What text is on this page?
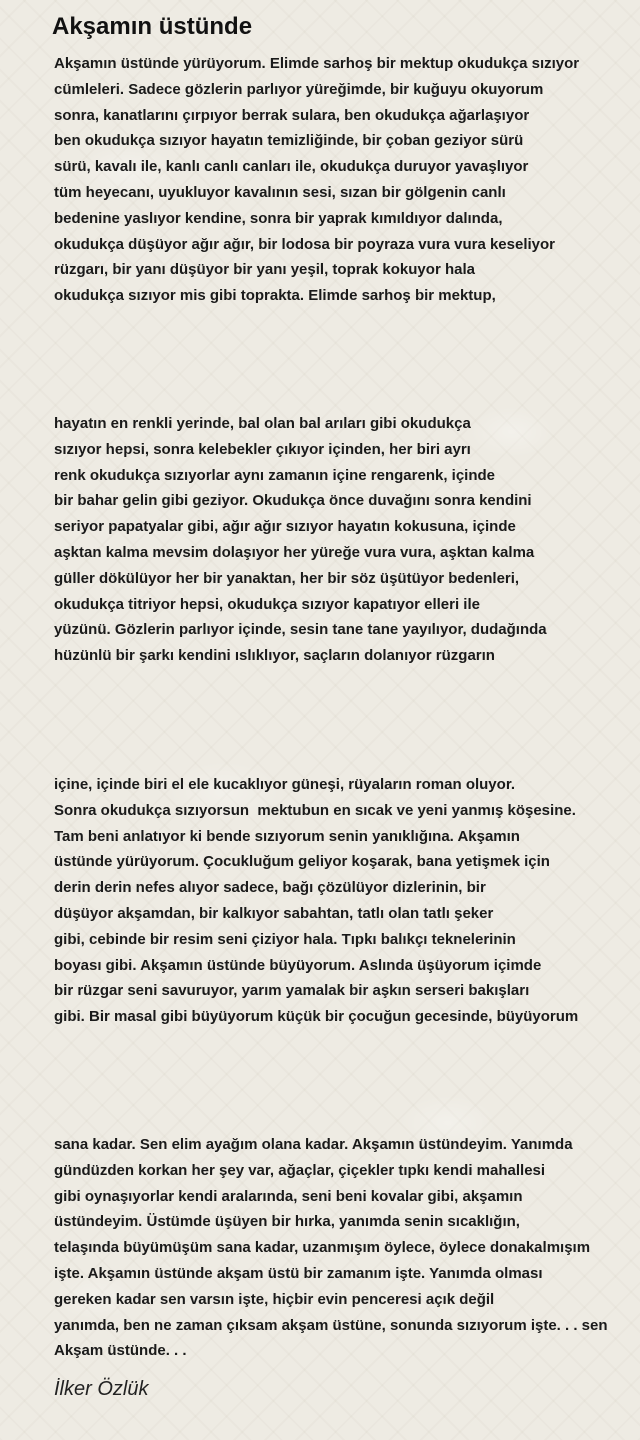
Akşamın üstünde
Akşamın üstünde yürüyorum. Elimde sarhoş bir mektup okudukça sızıyor
cümleleri. Sadece gözlerin parlıyor yüreğimde, bir kuğuyu okuyorum
sonra, kanatlarını çırpıyor berrak sulara, ben okudukça ağarlaşıyor
ben okudukça sızıyor hayatın temizliğinde, bir çoban geziyor sürü
sürü, kavalı ile, kanlı canlı canları ile, okudukça duruyor yavaşlıyor
tüm heyecanı, uyukluyor kavalının sesi, sızan bir gölgenin canlı
bedenine yaslıyor kendine, sonra bir yaprak kımıldıyor dalında,
okudukça düşüyor ağır ağır, bir lodosa bir poyraza vura vura keseliyor
rüzgarı, bir yanı düşüyor bir yanı yeşil, toprak kokuyor hala
okudukça sızıyor mis gibi toprakta. Elimde sarhoş bir mektup,
hayatın en renkli yerinde, bal olan bal arıları gibi okudukça
sızıyor hepsi, sonra kelebekler çıkıyor içinden, her biri ayrı
renk okudukça sızıyorlar aynı zamanın içine rengarenk, içinde
bir bahar gelin gibi geziyor. Okudukça önce duvağını sonra kendini
seriyor papatyalar gibi, ağır ağır sızıyor hayatın kokusuna, içinde
aşktan kalma mevsim dolaşıyor her yüreğe vura vura, aşktan kalma
güller dökülüyor her bir yanaktan, her bir söz üşütüyor bedenleri,
okudukça titriyor hepsi, okudukça sızıyor kapatıyor elleri ile
yüzünü. Gözlerin parlıyor içinde, sesin tane tane yayılıyor, dudağında
hüzünlü bir şarkı kendini ıslıklıyor, saçların dolanıyor rüzgarın
içine, içinde biri el ele kucaklıyor güneşi, rüyaların roman oluyor.
Sonra okudukça sızıyorsun  mektubun en sıcak ve yeni yanmış köşesine.
Tam beni anlatıyor ki bende sızıyorum senin yanıklığına. Akşamın
üstünde yürüyorum. Çocukluğum geliyor koşarak, bana yetişmek için
derin derin nefes alıyor sadece, bağı çözülüyor dizlerinin, bir
düşüyor akşamdan, bir kalkıyor sabahtan, tatlı olan tatlı şeker
gibi, cebinde bir resim seni çiziyor hala. Tıpkı balıkçı teknelerinin
boyası gibi. Akşamın üstünde büyüyorum. Aslında üşüyorum içimde
bir rüzgar seni savuruyor, yarım yamalak bir aşkın serseri bakışları
gibi. Bir masal gibi büyüyorum küçük bir çocuğun gecesinde, büyüyorum
sana kadar. Sen elim ayağım olana kadar. Akşamın üstündeyim. Yanımda
gündüzden korkan her şey var, ağaçlar, çiçekler tıpkı kendi mahallesi
gibi oynaşıyorlar kendi aralarında, seni beni kovalar gibi, akşamın
üstündeyim. Üstümde üşüyen bir hırka, yanımda senin sıcaklığın,
telaşında büyümüşüm sana kadar, uzanmışım öylece, öylece donakalmışım
işte. Akşamın üstünde akşam üstü bir zamanım işte. Yanımda olması
gereken kadar sen varsın işte, hiçbir evin penceresi açık değil
yanımda, ben ne zaman çıksam akşam üstüne, sonunda sızıyorum işte. . . sen
Akşam üstünde. . .
İlker Özlük
